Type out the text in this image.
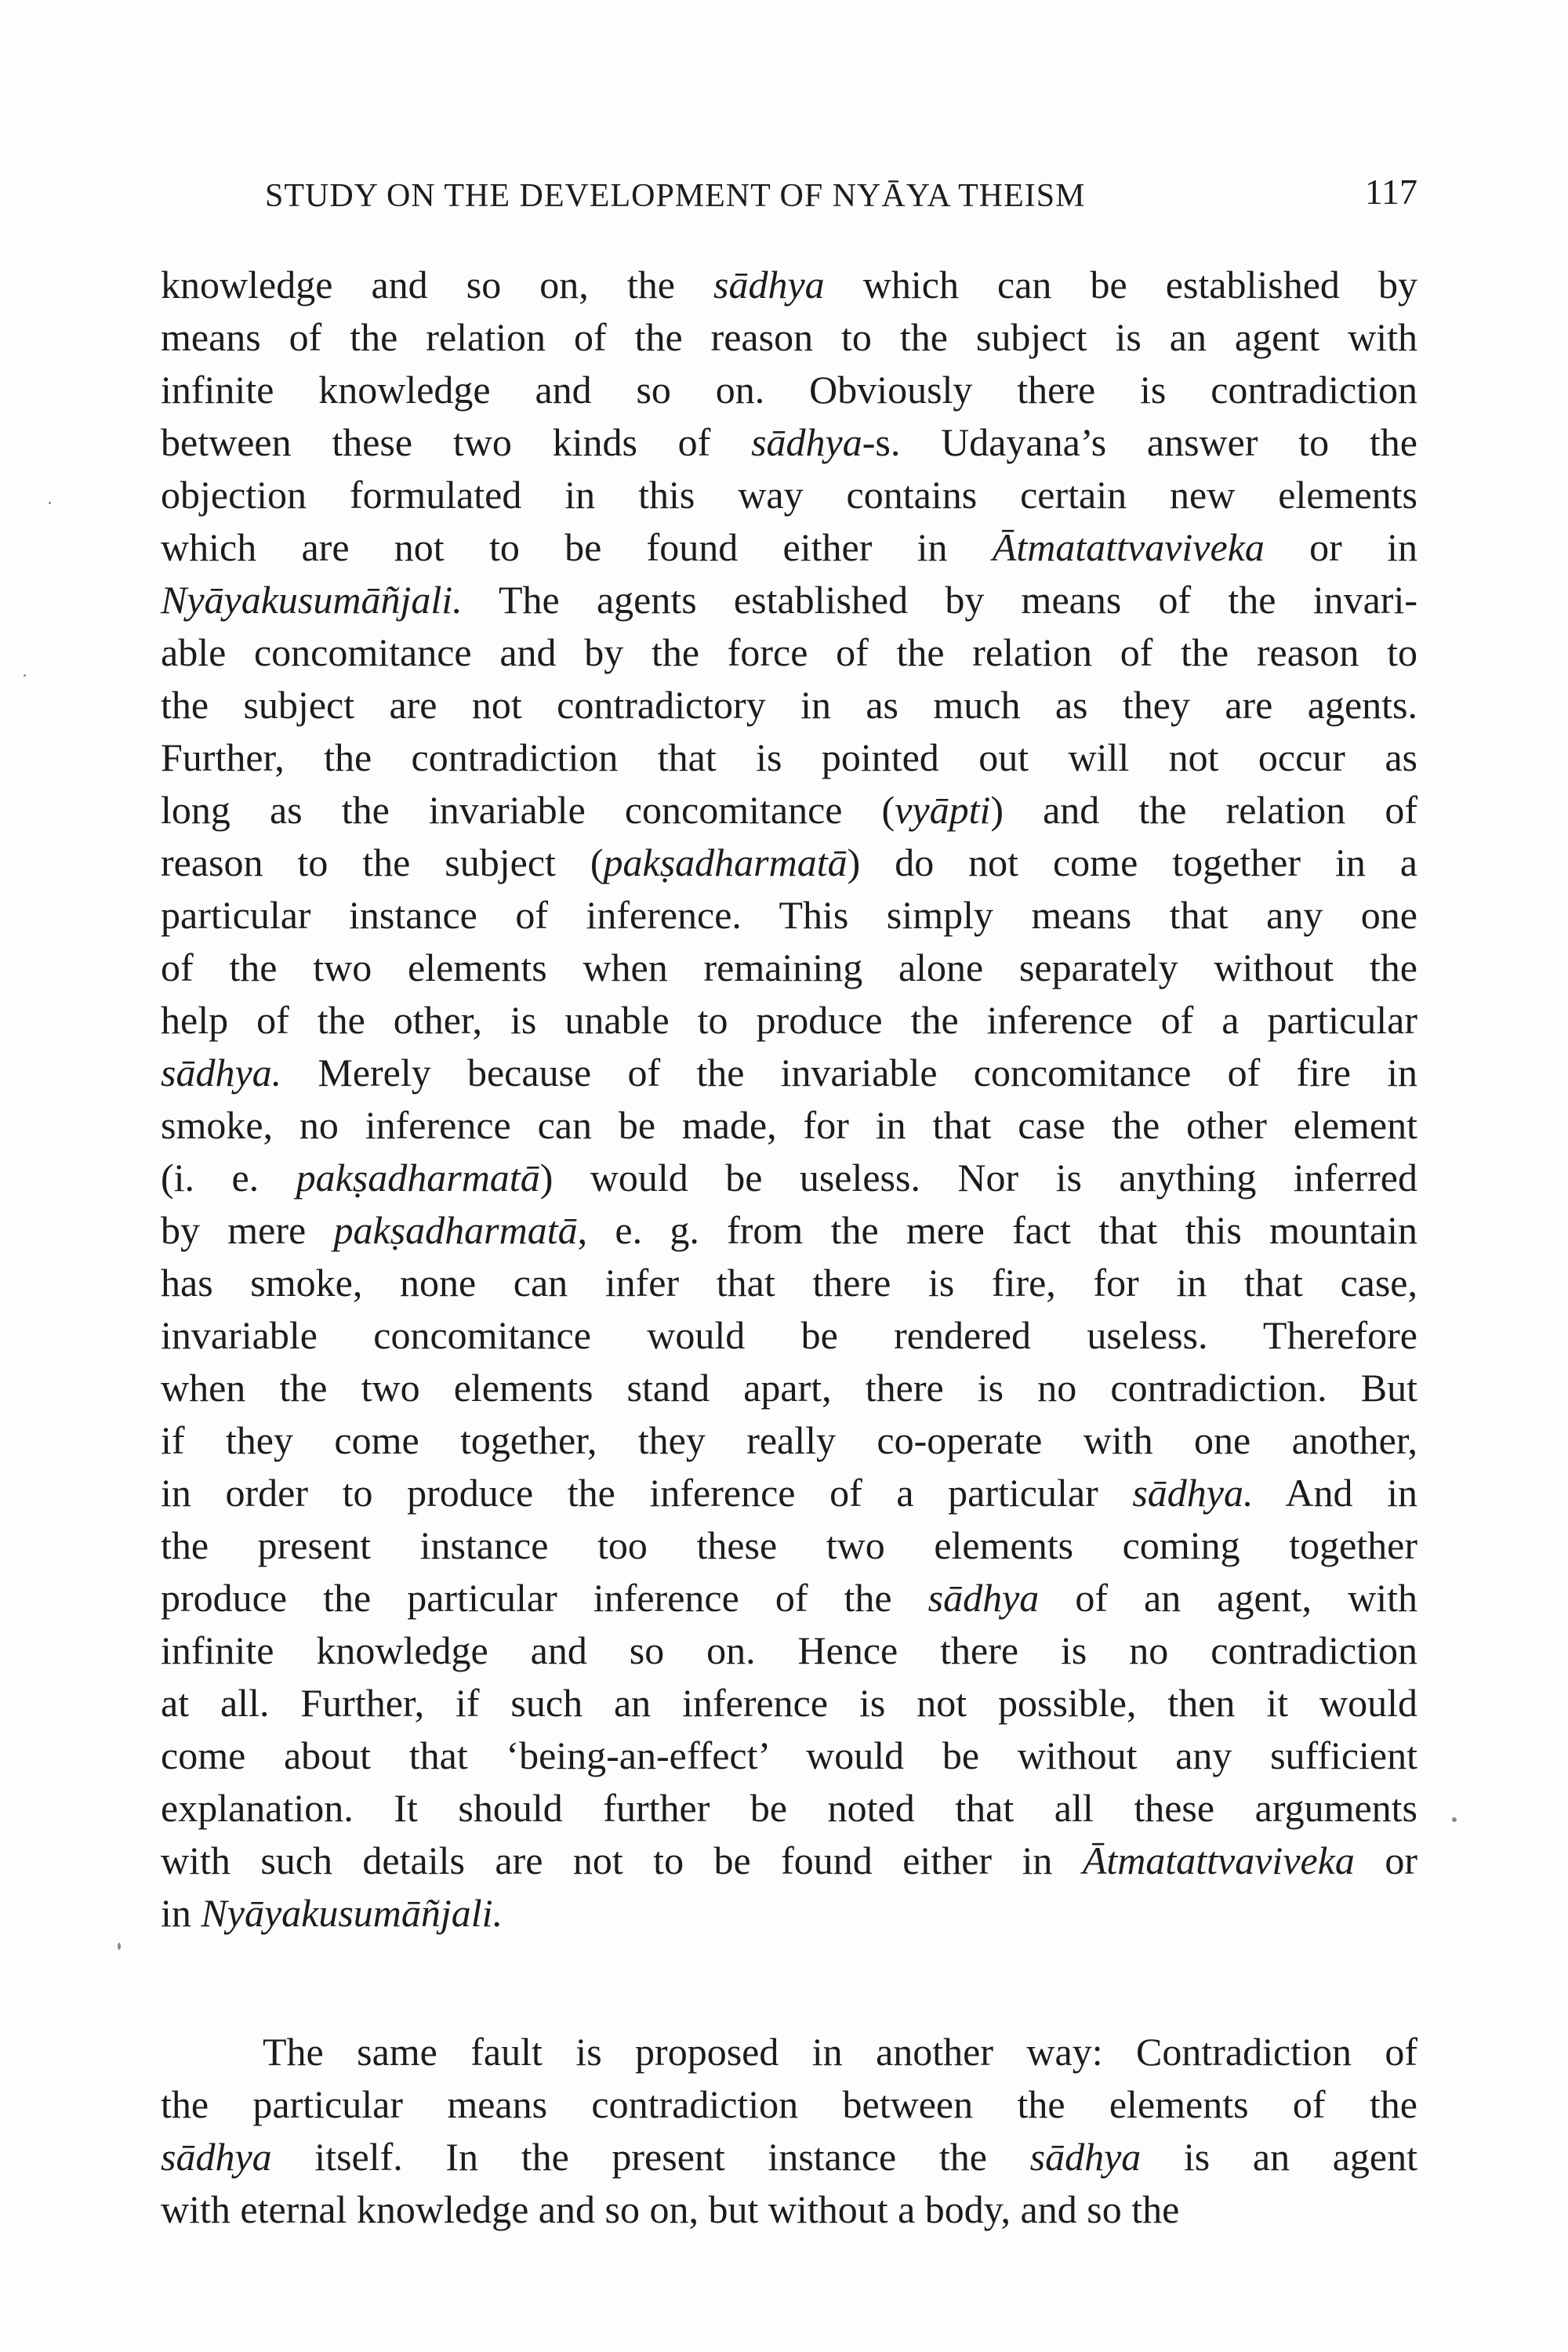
STUDY ON THE DEVELOPMENT OF NYĀYA THEISM	117
knowledge and so on, the sādhya which can be established by
means of the relation of the reason to the subject is an agent with
infinite knowledge and so on. Obviously there is contradiction
between these two kinds of sādhya-s. Udayana’s answer to the
objection formulated in this way contains certain new elements
which are not to be found either in Ātmatattvaviveka or in
Nyāyakusumāñjali. The agents established by means of the invari-
able concomitance and by the force of the relation of the reason to
the subject are not contradictory in as much as they are agents.
Further, the contradiction that is pointed out will not occur as
long as the invariable concomitance (vyāpti) and the relation of
reason to the subject (pakṣadharmatā) do not come together in a
particular instance of inference. This simply means that any one
of the two elements when remaining alone separately without the
help of the other, is unable to produce the inference of a particular
sādhya. Merely because of the invariable concomitance of fire in
smoke, no inference can be made, for in that case the other element
(i. e. pakṣadharmatā) would be useless. Nor is anything inferred
by mere pakṣadharmatā, e. g. from the mere fact that this mountain
has smoke, none can infer that there is fire, for in that case,
invariable concomitance would be rendered useless. Therefore
when the two elements stand apart, there is no contradiction. But
if they come together, they really co-operate with one another,
in order to produce the inference of a particular sādhya. And in
the present instance too these two elements coming together
produce the particular inference of the sādhya of an agent, with
infinite knowledge and so on. Hence there is no contradiction
at all. Further, if such an inference is not possible, then it would
come about that ‘being-an-effect’ would be without any sufficient
explanation. It should further be noted that all these arguments
with such details are not to be found either in Ātmatattvaviveka or
in Nyāyakusumāñjali.
The same fault is proposed in another way: Contradiction of
the particular means contradiction between the elements of the
sādhya itself. In the present instance the sādhya is an agent
with eternal knowledge and so on, but without a body, and so the
